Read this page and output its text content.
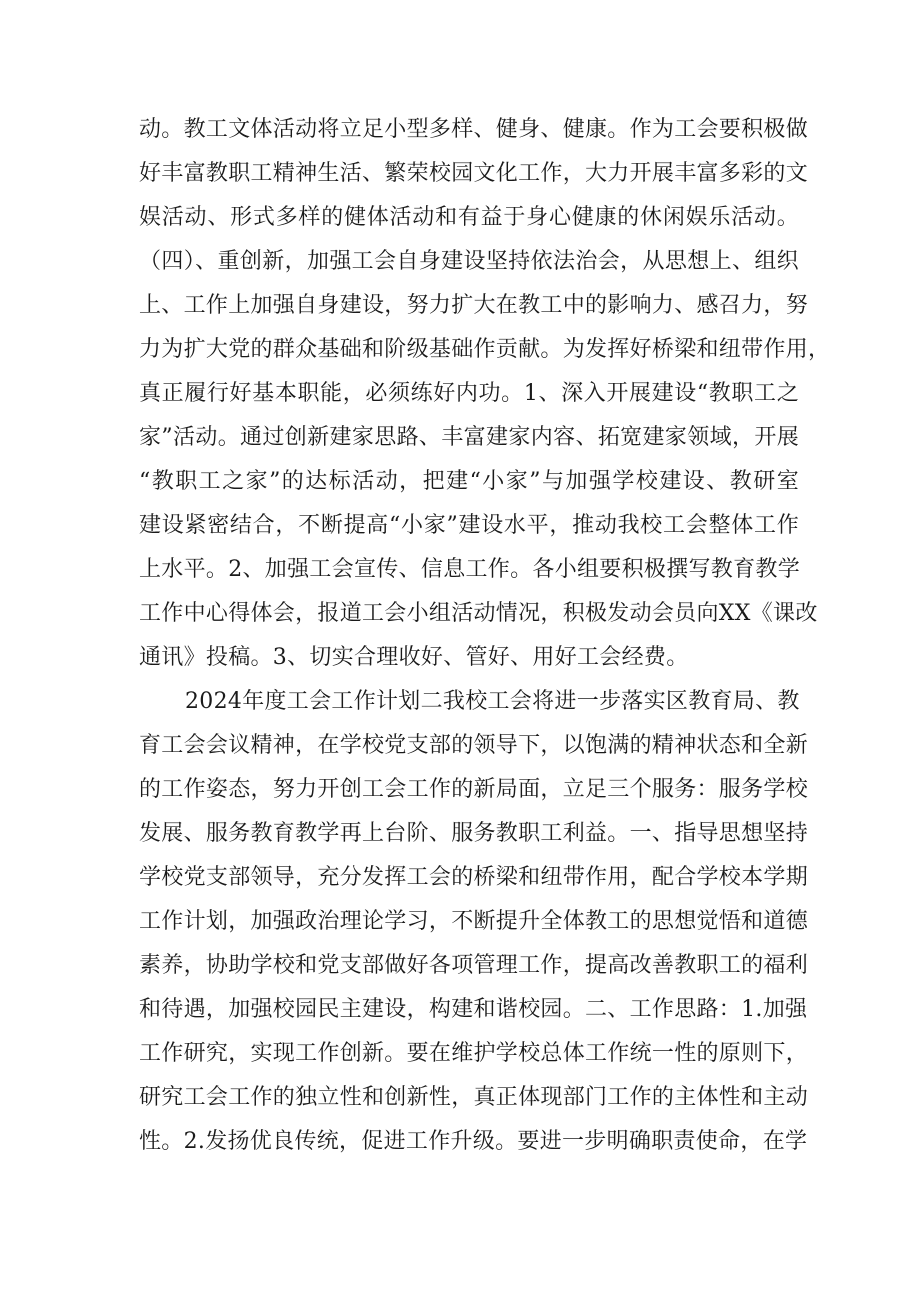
动。教工文体活动将立足小型多样、健身、健康。作为工会要积极做
好丰富教职工精神生活、繁荣校园文化工作，大力开展丰富多彩的文
娱活动、形式多样的健体活动和有益于身心健康的休闲娱乐活动。
（四）、重创新，加强工会自身建设坚持依法治会，从思想上、组织
上、工作上加强自身建设，努力扩大在教工中的影响力、感召力，努
力为扩大党的群众基础和阶级基础作贡献。为发挥好桥梁和纽带作用，
真正履行好基本职能，必须练好内功。1、深入开展建设“教职工之
家”活动。通过创新建家思路、丰富建家内容、拓宽建家领域，开展
“教职工之家”的达标活动，把建“小家”与加强学校建设、教研室
建设紧密结合，不断提高“小家”建设水平，推动我校工会整体工作
上水平。2、加强工会宣传、信息工作。各小组要积极撰写教育教学
工作中心得体会，报道工会小组活动情况，积极发动会员向XX《课改
通讯》投稿。3、切实合理收好、管好、用好工会经费。
2024年度工会工作计划二我校工会将进一步落实区教育局、教
育工会会议精神，在学校党支部的领导下，以饱满的精神状态和全新
的工作姿态，努力开创工会工作的新局面，立足三个服务：服务学校
发展、服务教育教学再上台阶、服务教职工利益。一、指导思想坚持
学校党支部领导，充分发挥工会的桥梁和纽带作用，配合学校本学期
工作计划，加强政治理论学习，不断提升全体教工的思想觉悟和道德
素养，协助学校和党支部做好各项管理工作，提高改善教职工的福利
和待遇，加强校园民主建设，构建和谐校园。二、工作思路：1.加强
工作研究，实现工作创新。要在维护学校总体工作统一性的原则下，
研究工会工作的独立性和创新性，真正体现部门工作的主体性和主动
性。2.发扬优良传统，促进工作升级。要进一步明确职责使命，在学
